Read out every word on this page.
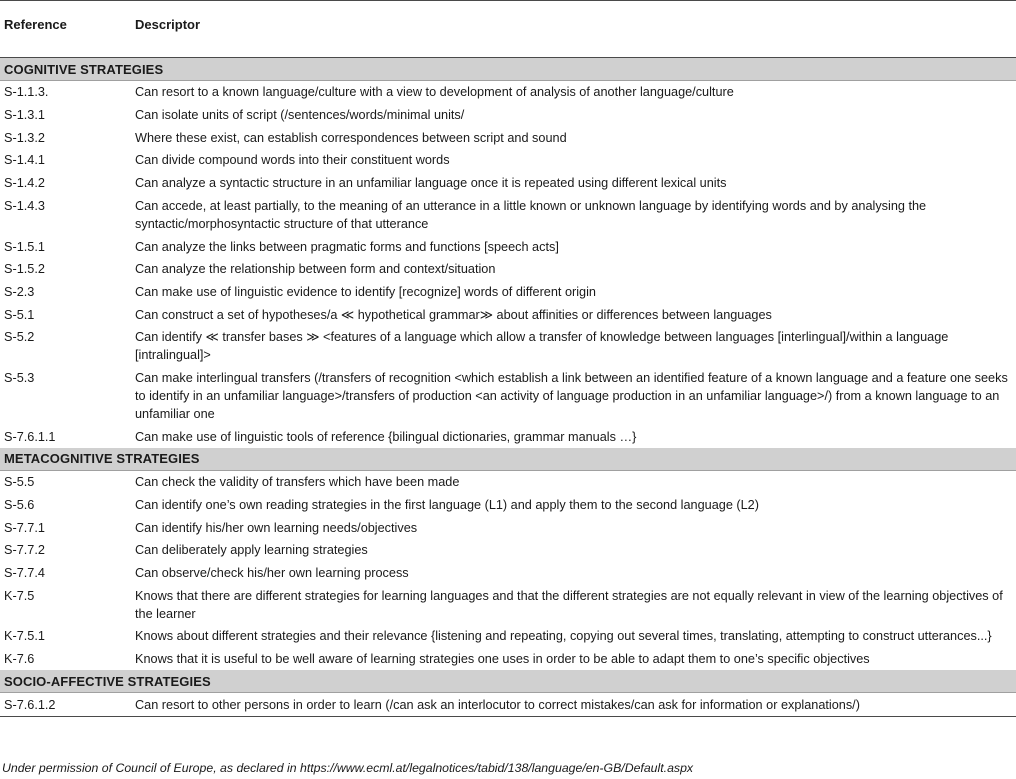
Reference	Descriptor
COGNITIVE STRATEGIES	
S-1.1.3.	Can resort to a known language/culture with a view to development of analysis of another language/culture
S-1.3.1	Can isolate units of script (/sentences/words/minimal units/
S-1.3.2	Where these exist, can establish correspondences between script and sound
S-1.4.1	Can divide compound words into their constituent words
S-1.4.2	Can analyze a syntactic structure in an unfamiliar language once it is repeated using different lexical units
S-1.4.3	Can accede, at least partially, to the meaning of an utterance in a little known or unknown language by identifying words and by analysing the syntactic/morphosyntactic structure of that utterance
S-1.5.1	Can analyze the links between pragmatic forms and functions [speech acts]
S-1.5.2	Can analyze the relationship between form and context/situation
S-2.3	Can make use of linguistic evidence to identify [recognize] words of different origin
S-5.1	Can construct a set of hypotheses/a ≪ hypothetical grammar≫ about affinities or differences between languages
S-5.2	Can identify ≪ transfer bases ≫ <features of a language which allow a transfer of knowledge between languages [interlingual]/within a language [intralingual]>
S-5.3	Can make interlingual transfers (/transfers of recognition <which establish a link between an identified feature of a known language and a feature one seeks to identify in an unfamiliar language>/transfers of production <an activity of language production in an unfamiliar language>/) from a known language to an unfamiliar one
S-7.6.1.1	Can make use of linguistic tools of reference {bilingual dictionaries, grammar manuals …}
METACOGNITIVE STRATEGIES	
S-5.5	Can check the validity of transfers which have been made
S-5.6	Can identify one’s own reading strategies in the first language (L1) and apply them to the second language (L2)
S-7.7.1	Can identify his/her own learning needs/objectives
S-7.7.2	Can deliberately apply learning strategies
S-7.7.4	Can observe/check his/her own learning process
K-7.5	Knows that there are different strategies for learning languages and that the different strategies are not equally relevant in view of the learning objectives of the learner
K-7.5.1	Knows about different strategies and their relevance {listening and repeating, copying out several times, translating, attempting to construct utterances...}
K-7.6	Knows that it is useful to be well aware of learning strategies one uses in order to be able to adapt them to one’s specific objectives
SOCIO-AFFECTIVE STRATEGIES	
S-7.6.1.2	Can resort to other persons in order to learn (/can ask an interlocutor to correct mistakes/can ask for information or explanations/)
Under permission of Council of Europe, as declared in https://www.ecml.at/legalnotices/tabid/138/language/en-GB/Default.aspx
